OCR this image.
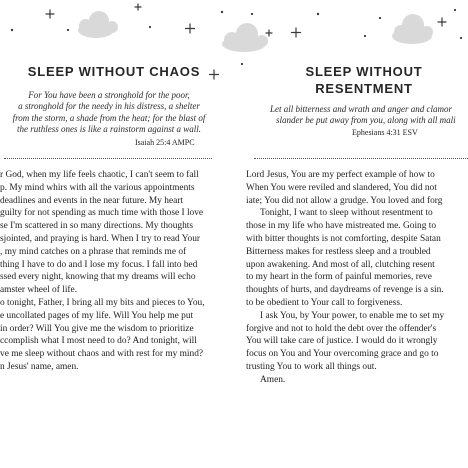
SLEEP WITHOUT CHAOS
For You have been a stronghold for the poor,
a stronghold for the needy in his distress, a shelter
from the storm, a shade from the heat; for the blast of
the ruthless ones is like a rainstorm against a wall.
Isaiah 25:4 AMPC
r God, when my life feels chaotic, I can't seem to fall
p. My mind whirs with all the various appointments
deadlines and events in the near future. My heart
guilty for not spending as much time with those I love
se I'm scattered in so many directions. My thoughts
sjointed, and praying is hard. When I try to read Your
, my mind catches on a phrase that reminds me of
thing I have to do and I lose my focus. I fall into bed
ssed every night, knowing that my dreams will echo
amster wheel of life.
o tonight, Father, I bring all my bits and pieces to You,
e uncollated pages of my life. Will You help me put
in order? Will You give me the wisdom to prioritize
ccomplish what I most need to do? And tonight, will
ve me sleep without chaos and with rest for my mind?
n Jesus' name, amen.
SLEEP WITHOUT
RESENTMENT
Let all bitterness and wrath and anger and clamor
slander be put away from you, along with all mali
Ephesians 4:31 ESV
Lord Jesus, You are my perfect example of how to
When You were reviled and slandered, You did not
iate; You did not allow a grudge. You loved and forg
Tonight, I want to sleep without resentment to
those in my life who have mistreated me. Going to
with bitter thoughts is not comforting, despite Satan
Bitterness makes for restless sleep and a troubled
upon awakening. And most of all, clutching resent
to my heart in the form of painful memories, reve
thoughts of hurts, and daydreams of revenge is a sin.
to be obedient to Your call to forgiveness.
I ask You, by Your power, to enable me to set my
forgive and not to hold the debt over the offender's
You will take care of justice. I would do it wrongly
focus on You and Your overcoming grace and go to
trusting You to work all things out.
Amen.
